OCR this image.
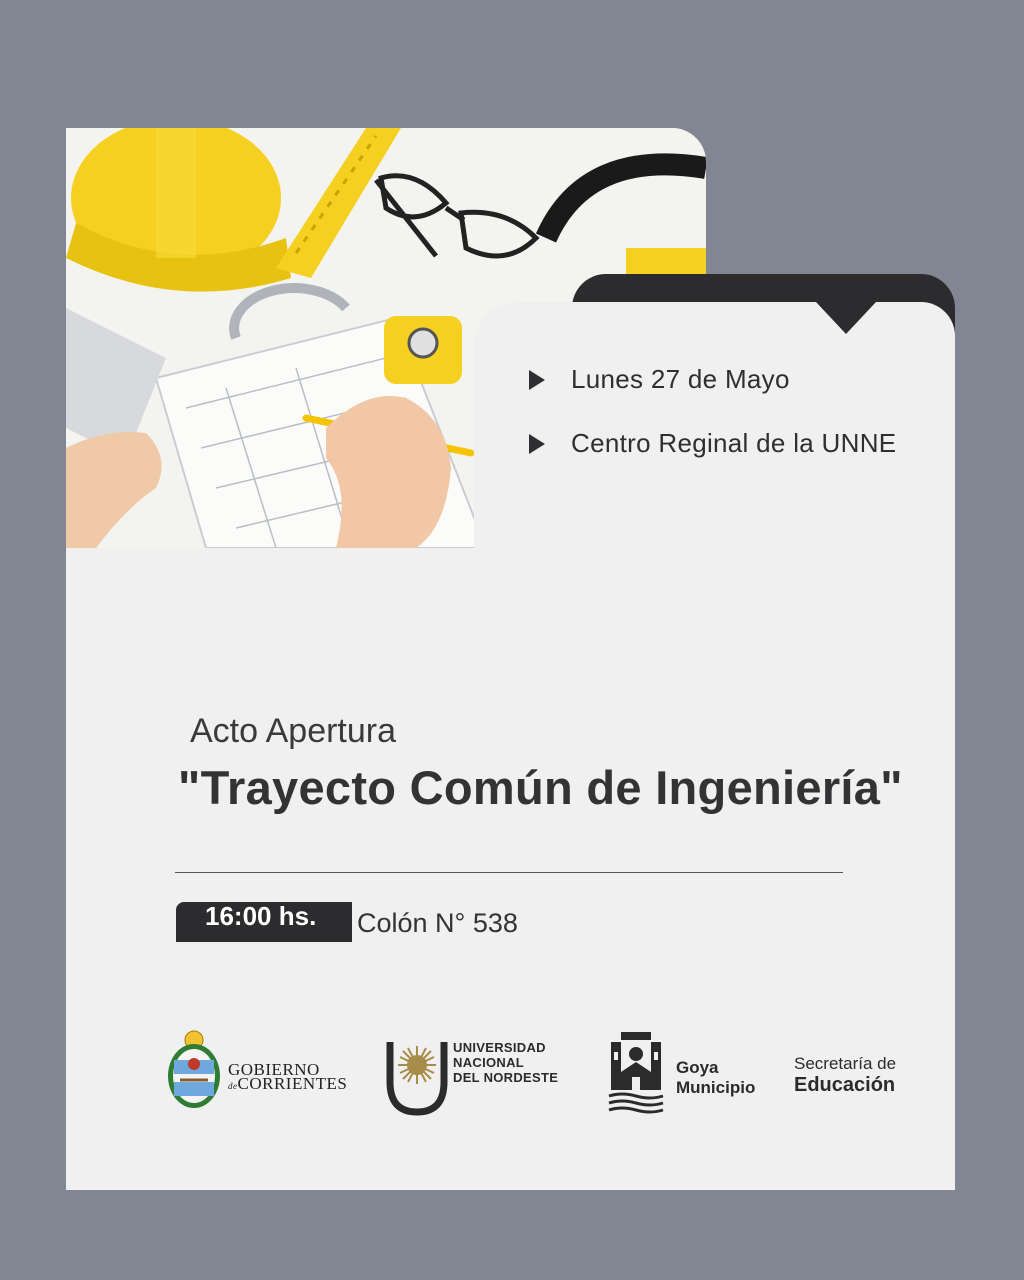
Lunes 27 de Mayo
Centro Reginal de la UNNE
Acto Apertura
"Trayecto Común de Ingeniería"
16:00 hs. Colón N° 538
GOBIERNO
deCORRIENTES
UNIVERSIDAD
NACIONAL
DEL NORDESTE
Goya
Municipio
Secretaría de
Educación
